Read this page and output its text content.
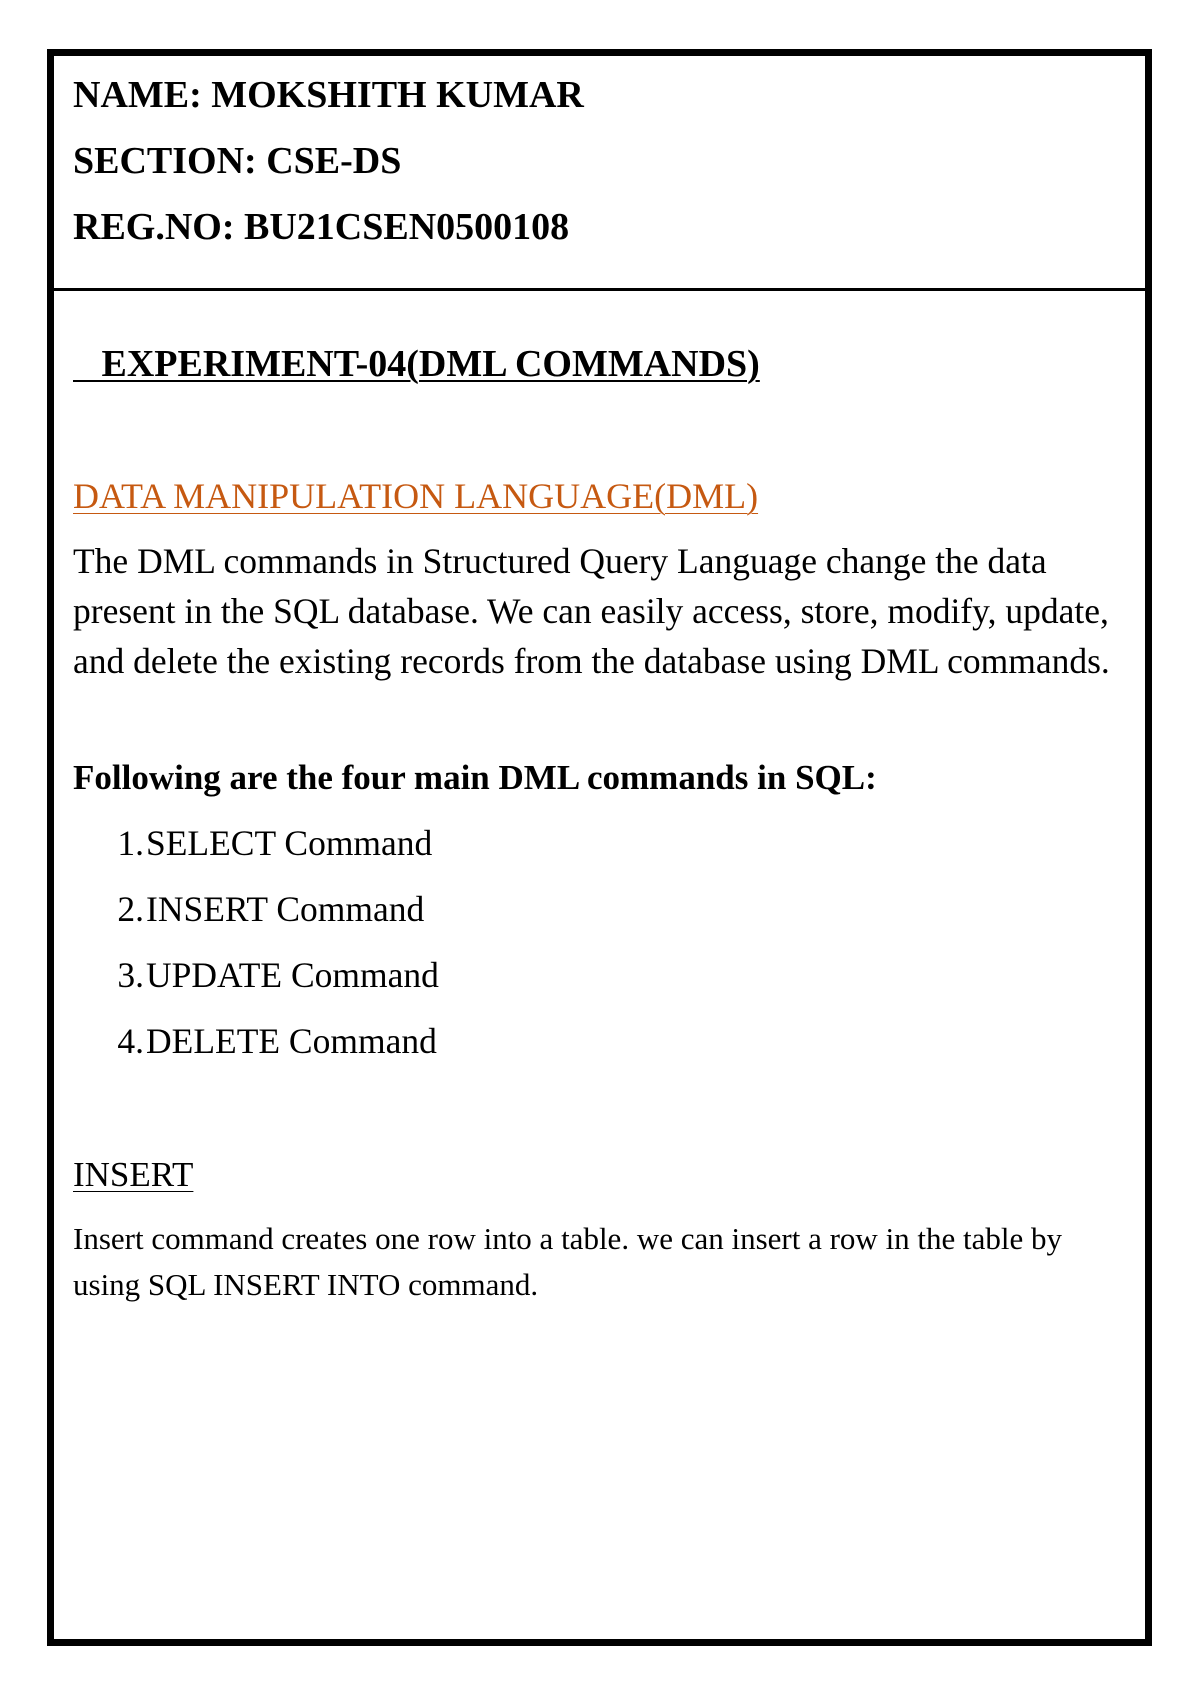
NAME: MOKSHITH KUMAR
SECTION: CSE-DS
REG.NO: BU21CSEN0500108
EXPERIMENT-04(DML COMMANDS)
DATA MANIPULATION LANGUAGE(DML)
The DML commands in Structured Query Language change the data present in the SQL database. We can easily access, store, modify, update, and delete the existing records from the database using DML commands.
Following are the four main DML commands in SQL:
1.SELECT Command
2.INSERT Command
3.UPDATE Command
4.DELETE Command
INSERT
Insert command creates one row into a table. we can insert a row in the table by using SQL INSERT INTO command.
